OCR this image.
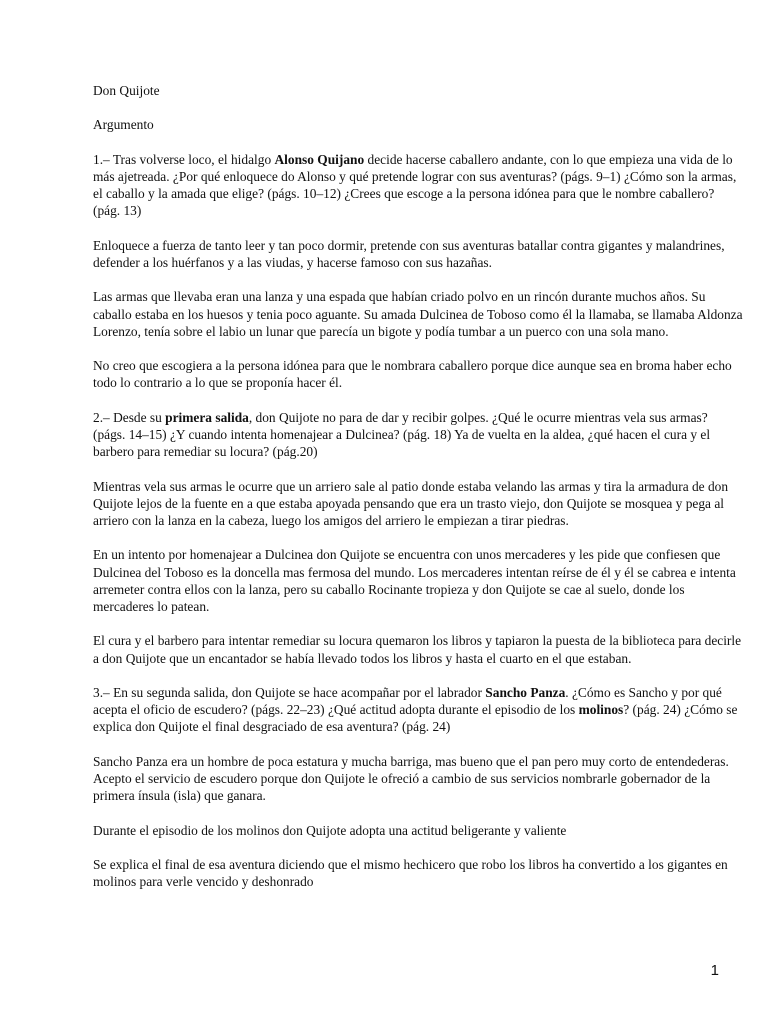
Don Quijote

Argumento

1.– Tras volverse loco, el hidalgo Alonso Quijano decide hacerse caballero andante, con lo que empieza una vida de lo más ajetreada. ¿Por qué enloquece do Alonso y qué pretende lograr con sus aventuras? (págs. 9–1) ¿Cómo son la armas, el caballo y la amada que elige? (págs. 10–12) ¿Crees que escoge a la persona idónea para que le nombre caballero? (pág. 13)

Enloquece a fuerza de tanto leer y tan poco dormir, pretende con sus aventuras batallar contra gigantes y malandrines, defender a los huérfanos y a las viudas, y hacerse famoso con sus hazañas.

Las armas que llevaba eran una lanza y una espada que habían criado polvo en un rincón durante muchos años. Su caballo estaba en los huesos y tenia poco aguante. Su amada Dulcinea de Toboso como él la llamaba, se llamaba Aldonza Lorenzo, tenía sobre el labio un lunar que parecía un bigote y podía tumbar a un puerco con una sola mano.

No creo que escogiera a la persona idónea para que le nombrara caballero porque dice aunque sea en broma haber echo todo lo contrario a lo que se proponía hacer él.

2.– Desde su primera salida, don Quijote no para de dar y recibir golpes. ¿Qué le ocurre mientras vela sus armas? (págs. 14–15) ¿Y cuando intenta homenajear a Dulcinea? (pág. 18) Ya de vuelta en la aldea, ¿qué hacen el cura y el barbero para remediar su locura? (pág.20)

Mientras vela sus armas le ocurre que un arriero sale al patio donde estaba velando las armas y tira la armadura de don Quijote lejos de la fuente en a que estaba apoyada pensando que era un trasto viejo, don Quijote se mosquea y pega al arriero con la lanza en la cabeza, luego los amigos del arriero le empiezan a tirar piedras.

En un intento por homenajear a Dulcinea don Quijote se encuentra con unos mercaderes y les pide que confiesen que Dulcinea del Toboso es la doncella mas fermosa del mundo. Los mercaderes intentan reírse de él y él se cabrea e intenta arremeter contra ellos con la lanza, pero su caballo Rocinante tropieza y don Quijote se cae al suelo, donde los mercaderes lo patean.

El cura y el barbero para intentar remediar su locura quemaron los libros y tapiaron la puesta de la biblioteca para decirle a don Quijote que un encantador se había llevado todos los libros y hasta el cuarto en el que estaban.

3.– En su segunda salida, don Quijote se hace acompañar por el labrador Sancho Panza. ¿Cómo es Sancho y por qué acepta el oficio de escudero? (págs. 22–23) ¿Qué actitud adopta durante el episodio de los molinos? (pág. 24) ¿Cómo se explica don Quijote el final desgraciado de esa aventura? (pág. 24)

Sancho Panza era un hombre de poca estatura y mucha barriga, mas bueno que el pan pero muy corto de entendederas. Acepto el servicio de escudero porque don Quijote le ofreció a cambio de sus servicios nombrarle gobernador de la primera ínsula (isla) que ganara.

Durante el episodio de los molinos don Quijote adopta una actitud beligerante y valiente

Se explica el final de esa aventura diciendo que el mismo hechicero que robo los libros ha convertido a los gigantes en molinos para verle vencido y deshonrado

1
